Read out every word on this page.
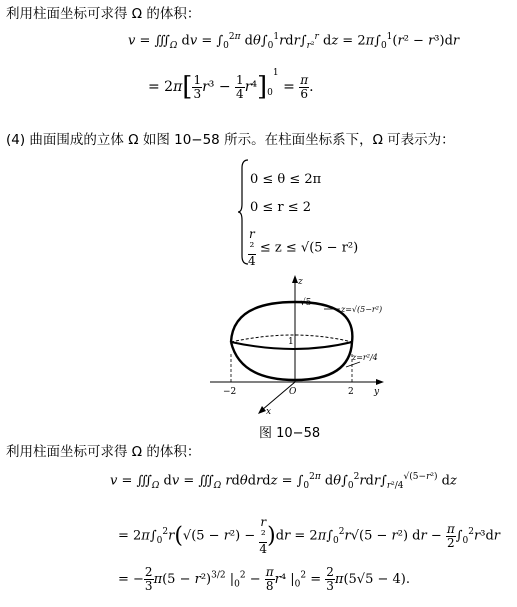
利用柱面坐标可求得 Ω 的体积：
$v = ∭_\Omega$ dv = $\int_0^{2\pi}$ $d\theta\int_0^1rdr\int_{r^2}^r$ dz = $2\pi\int_0^1(r^2 - r^3)dr$
= $2\pi[ \frac{1}{3} r^3 - \frac{1}{4} r^4]_0^1 = \frac{\pi}{6}$ .
(4) 曲面围成的立体 Ω 如图 10−58 所示。在柱面坐标系下，Ω 可表示为：
0 ≤ θ ≤ 2π
0 ≤ r ≤ 2
r
²
4 ≤ z ≤ √(5 − r²)
z
√5
z=√(5−r²)
1
z=r²/4
−2	O	2 y
x
图 10−58
利用柱面坐标可求得 Ω 的体积：
$v = ∭_\Omega$ dv = $∭_\Omega$ rdθdrdz = $\int_0^{2\pi}$ $d\theta\int_0^2rdr\int_{r^2/4}^{√(5-r^2)}$ dz
= $2\pi\int_0^2r(√(5 - r^2) - r$
²
4 )$dr = 2\pi\int_0^2r√(5 - r^2)$ dr − $\frac{\pi}{2} \int_0^2r^3dr$
= − $\frac{2}{3} \pi(5 - r^2)^{3/2}$ $|_0^2 - \frac{\pi}{8} r^4$ $|_0^2 = \frac{2}{3} \pi(5√5 - 4)$.
